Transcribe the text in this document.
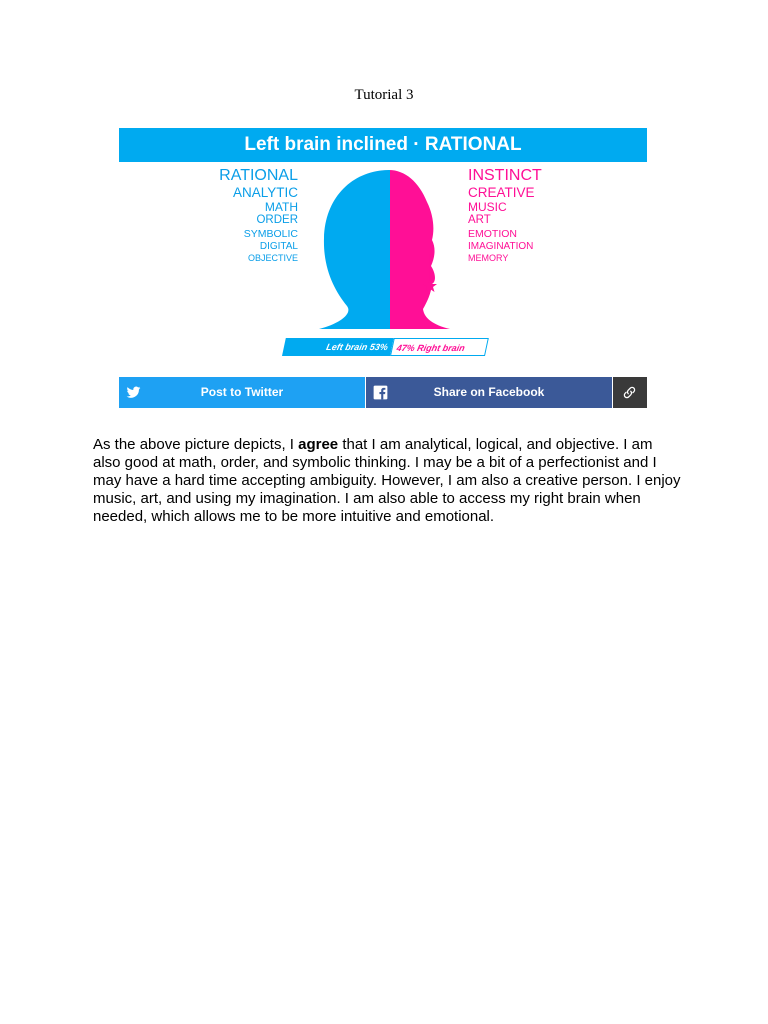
Tutorial 3
Left brain inclined · RATIONAL
RATIONAL
ANALYTIC
MATH
ORDER
SYMBOLIC
DIGITAL
OBJECTIVE
INSTINCT
CREATIVE
MUSIC
ART
EMOTION
IMAGINATION
MEMORY
Left brain 53% 47% Right brain
Post to Twitter	Share on Facebook

As the above picture depicts, I agree that I am analytical, logical, and objective. I am also good at math, order, and symbolic thinking. I may be a bit of a perfectionist and I may have a hard time accepting ambiguity. However, I am also a creative person. I enjoy music, art, and using my imagination. I am also able to access my right brain when needed, which allows me to be more intuitive and emotional.
